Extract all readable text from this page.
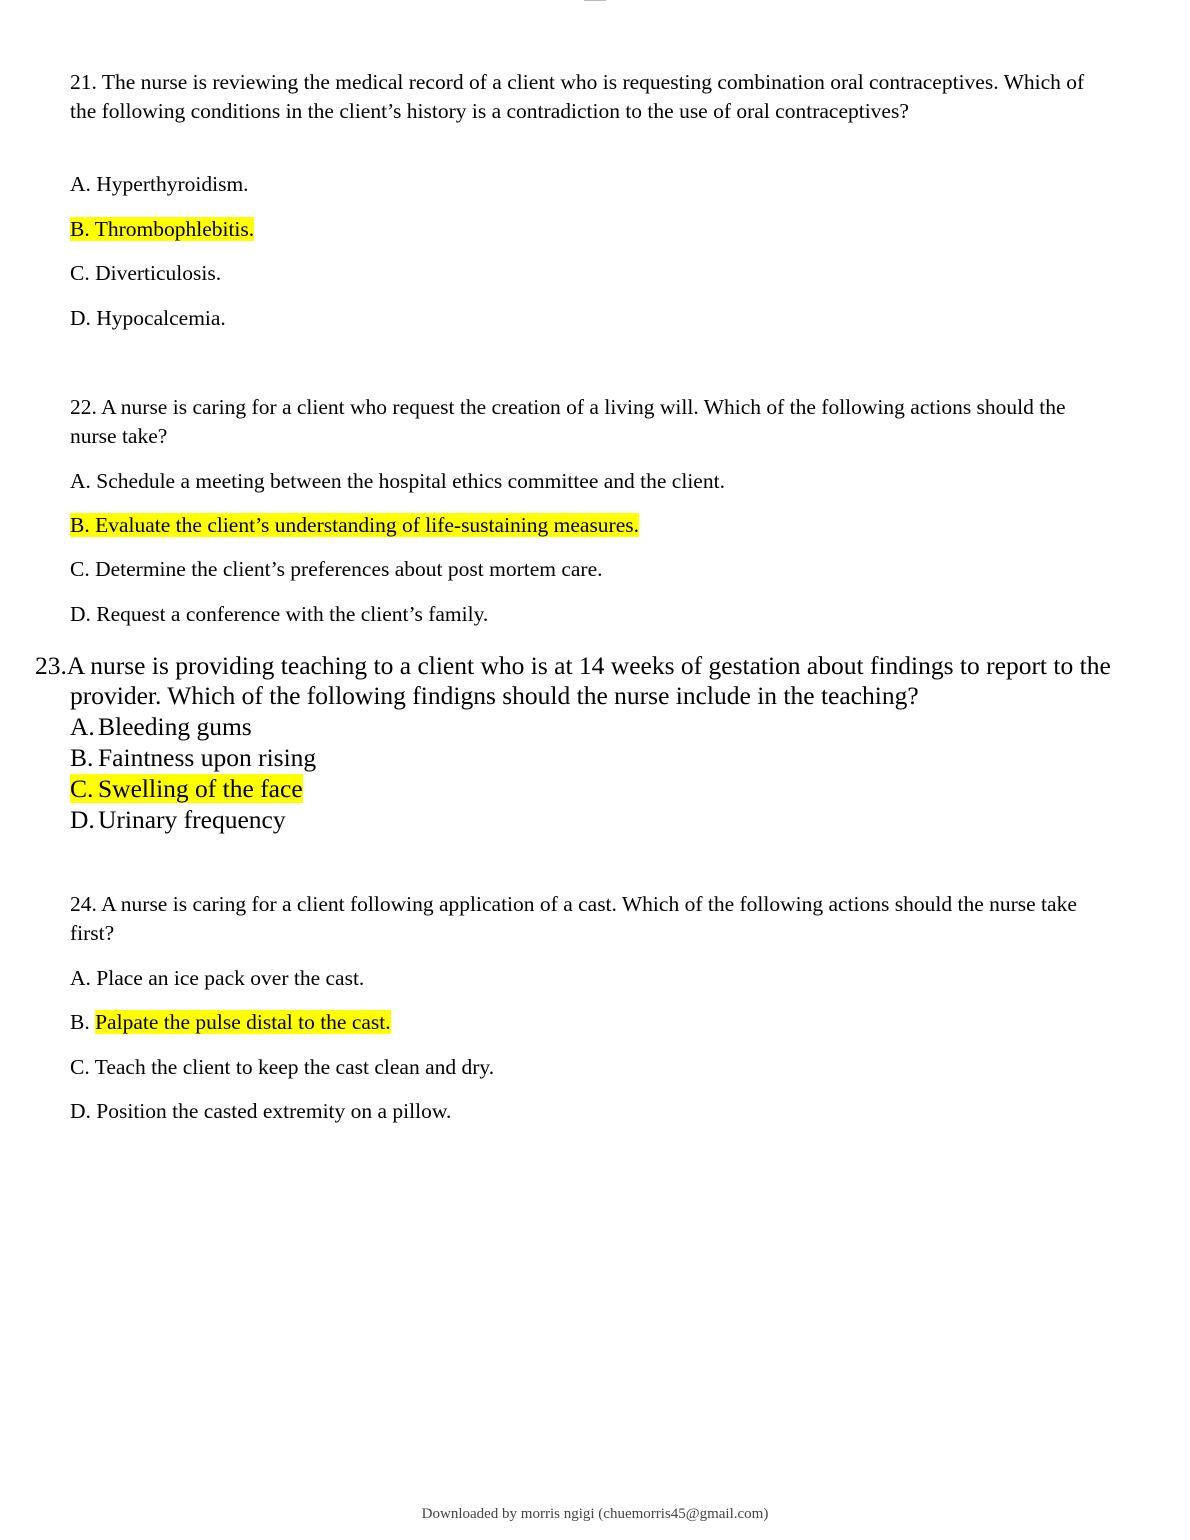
21. The nurse is reviewing the medical record of a client who is requesting combination oral contraceptives. Which of the following conditions in the client’s history is a contradiction to the use of oral contraceptives?

A. Hyperthyroidism.

B. Thrombophlebitis.

C. Diverticulosis.

D. Hypocalcemia.

22. A nurse is caring for a client who request the creation of a living will. Which of the following actions should the nurse take?

A. Schedule a meeting between the hospital ethics committee and the client.

B. Evaluate the client’s understanding of life-sustaining measures.

C. Determine the client’s preferences about post mortem care.

D. Request a conference with the client’s family.

23.A nurse is providing teaching to a client who is at 14 weeks of gestation about findings to report to the provider. Which of the following findigns should the nurse include in the teaching?

A. Bleeding gums

B. Faintness upon rising

C. Swelling of the face

D. Urinary frequency

24. A nurse is caring for a client following application of a cast. Which of the following actions should the nurse take first?

A. Place an ice pack over the cast.

B. Palpate the pulse distal to the cast.

C. Teach the client to keep the cast clean and dry.

D. Position the casted extremity on a pillow.

Downloaded by morris ngigi (chuemorris45@gmail.com)
